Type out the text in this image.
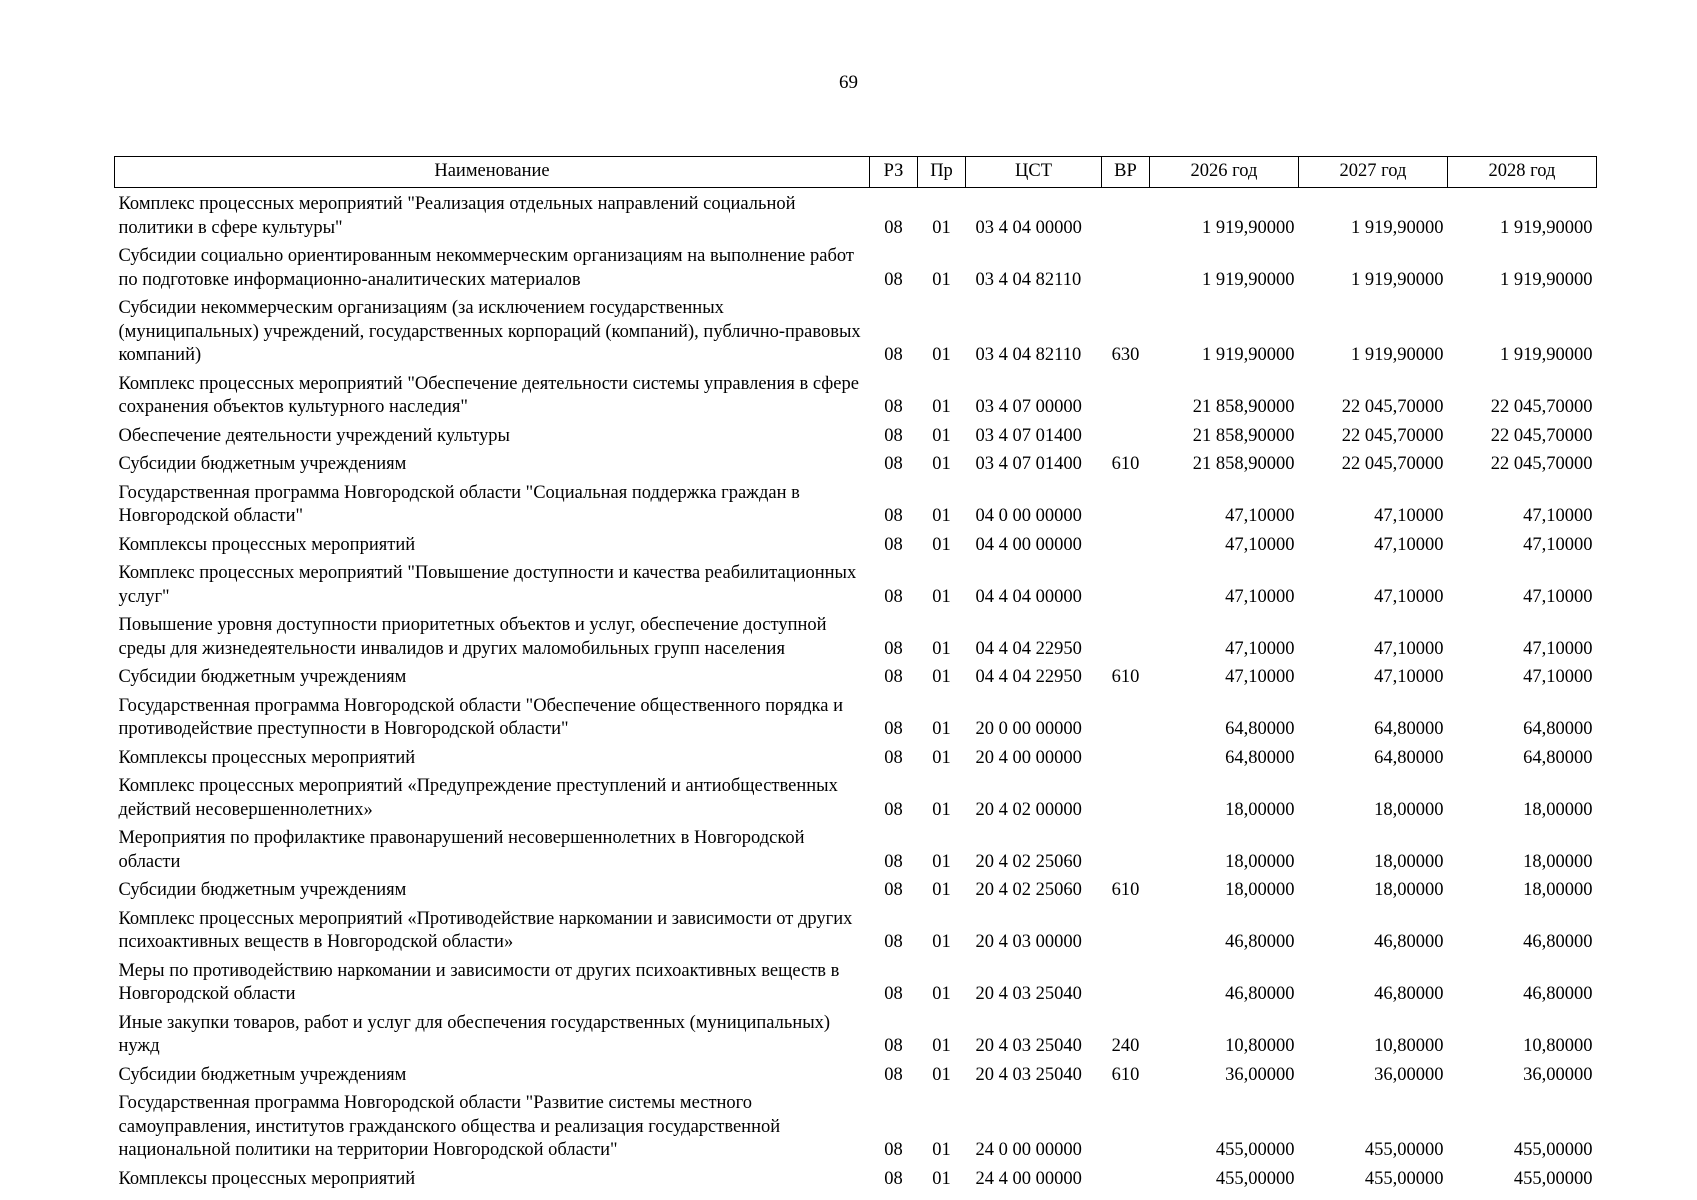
69
Наименование	РЗ	Пр	ЦСТ	ВР	2026 год	2027 год	2028 год
Комплекс процессных мероприятий "Реализация отдельных направлений социальной политики в сфере культуры"	08	01	03 4 04 00000		1 919,90000	1 919,90000	1 919,90000
Субсидии социально ориентированным некоммерческим организациям на выполнение работ по подготовке информационно-аналитических материалов	08	01	03 4 04 82110		1 919,90000	1 919,90000	1 919,90000
Субсидии некоммерческим организациям (за исключением государственных (муниципальных) учреждений, государственных корпораций (компаний), публично-правовых компаний)	08	01	03 4 04 82110	630	1 919,90000	1 919,90000	1 919,90000
Комплекс процессных мероприятий "Обеспечение деятельности системы управления в сфере сохранения объектов культурного наследия"	08	01	03 4 07 00000		21 858,90000	22 045,70000	22 045,70000
Обеспечение деятельности учреждений культуры	08	01	03 4 07 01400		21 858,90000	22 045,70000	22 045,70000
Субсидии бюджетным учреждениям	08	01	03 4 07 01400	610	21 858,90000	22 045,70000	22 045,70000
Государственная программа Новгородской области "Социальная поддержка граждан в Новгородской области"	08	01	04 0 00 00000		47,10000	47,10000	47,10000
Комплексы процессных мероприятий	08	01	04 4 00 00000		47,10000	47,10000	47,10000
Комплекс процессных мероприятий "Повышение доступности и качества реабилитационных услуг"	08	01	04 4 04 00000		47,10000	47,10000	47,10000
Повышение уровня доступности приоритетных объектов и услуг, обеспечение доступной среды для жизнедеятельности инвалидов и других маломобильных групп населения	08	01	04 4 04 22950		47,10000	47,10000	47,10000
Субсидии бюджетным учреждениям	08	01	04 4 04 22950	610	47,10000	47,10000	47,10000
Государственная программа Новгородской области "Обеспечение общественного порядка и противодействие преступности в Новгородской области"	08	01	20 0 00 00000		64,80000	64,80000	64,80000
Комплексы процессных мероприятий	08	01	20 4 00 00000		64,80000	64,80000	64,80000
Комплекс процессных мероприятий «Предупреждение преступлений и антиобщественных действий несовершеннолетних»	08	01	20 4 02 00000		18,00000	18,00000	18,00000
Мероприятия по профилактике правонарушений несовершеннолетних в Новгородской области	08	01	20 4 02 25060		18,00000	18,00000	18,00000
Субсидии бюджетным учреждениям	08	01	20 4 02 25060	610	18,00000	18,00000	18,00000
Комплекс процессных мероприятий «Противодействие наркомании и зависимости от других психоактивных веществ в Новгородской области»	08	01	20 4 03 00000		46,80000	46,80000	46,80000
Меры по противодействию наркомании и зависимости от других психоактивных веществ в Новгородской области	08	01	20 4 03 25040		46,80000	46,80000	46,80000
Иные закупки товаров, работ и услуг для обеспечения государственных (муниципальных) нужд	08	01	20 4 03 25040	240	10,80000	10,80000	10,80000
Субсидии бюджетным учреждениям	08	01	20 4 03 25040	610	36,00000	36,00000	36,00000
Государственная программа Новгородской области "Развитие системы местного самоуправления, институтов гражданского общества и реализация государственной национальной политики на территории Новгородской области"	08	01	24 0 00 00000		455,00000	455,00000	455,00000
Комплексы процессных мероприятий	08	01	24 4 00 00000		455,00000	455,00000	455,00000
